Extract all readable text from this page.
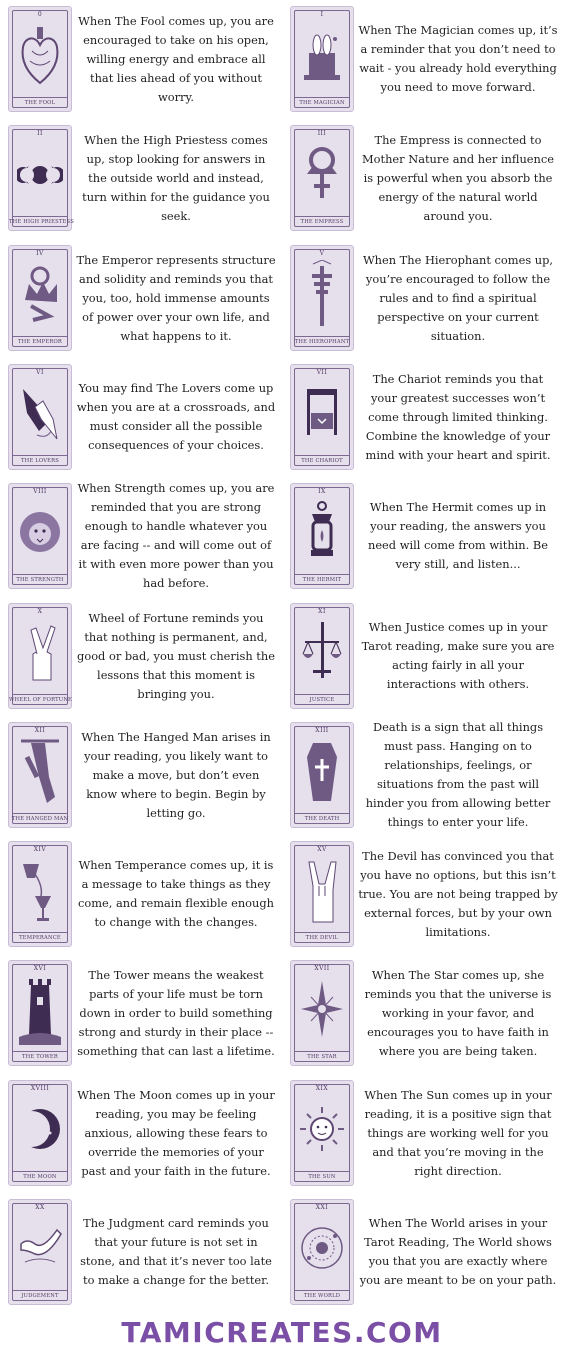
0
THE FOOL
When The Fool comes up, you are encouraged to take on his open, willing energy and embrace all that lies ahead of you without worry.
I
THE MAGICIAN
When The Magician comes up, it’s a reminder that you don’t need to wait - you already hold everything you need to move forward.
II
THE HIGH PRIESTESS
When the High Priestess comes up, stop looking for answers in the outside world and instead, turn within for the guidance you seek.
III
THE EMPRESS
The Empress is connected to Mother Nature and her influence is powerful when you absorb the energy of the natural world around you.
IV
THE EMPEROR
The Emperor represents structure and solidity and reminds you that you, too, hold immense amounts of power over your own life, and what happens to it.
V
THE HIEROPHANT
When The Hierophant comes up, you’re encouraged to follow the rules and to find a spiritual perspective on your current situation.
VI
THE LOVERS
You may find The Lovers come up when you are at a crossroads, and must consider all the possible consequences of your choices.
VII
THE CHARIOT
The Chariot reminds you that your greatest successes won’t come through limited thinking. Combine the knowledge of your mind with your heart and spirit.
VIII
THE STRENGTH
When Strength comes up, you are reminded that you are strong enough to handle whatever you are facing -- and will come out of it with even more power than you had before.
IX
THE HERMIT
When The Hermit comes up in your reading, the answers you need will come from within. Be very still, and listen...
X
WHEEL OF FORTUNE
Wheel of Fortune reminds you that nothing is permanent, and, good or bad, you must cherish the lessons that this moment is bringing you.
XI
JUSTICE
When Justice comes up in your Tarot reading, make sure you are acting fairly in all your interactions with others.
XII
THE HANGED MAN
When The Hanged Man arises in your reading, you likely want to make a move, but don’t even know where to begin. Begin by letting go.
XIII
THE DEATH
Death is a sign that all things must pass. Hanging on to relationships, feelings, or situations from the past will hinder you from allowing better things to enter your life.
XIV
TEMPERANCE
When Temperance comes up, it is a message to take things as they come, and remain flexible enough to change with the changes.
XV
THE DEVIL
The Devil has convinced you that you have no options, but this isn’t true. You are not being trapped by external forces, but by your own limitations.
XVI
THE TOWER
The Tower means the weakest parts of your life must be torn down in order to build something strong and sturdy in their place -- something that can last a lifetime.
XVII
THE STAR
When The Star comes up, she reminds you that the universe is working in your favor, and encourages you to have faith in where you are being taken.
XVIII
THE MOON
When The Moon comes up in your reading, you may be feeling anxious, allowing these fears to override the memories of your past and your faith in the future.
XIX
THE SUN
When The Sun comes up in your reading, it is a positive sign that things are working well for you and that you’re moving in the right direction.
XX
JUDGEMENT
The Judgment card reminds you that your future is not set in stone, and that it’s never too late to make a change for the better.
XXI
THE WORLD
When The World arises in your Tarot Reading, The World shows you that you are exactly where you are meant to be on your path.
TAMICREATES.COM
